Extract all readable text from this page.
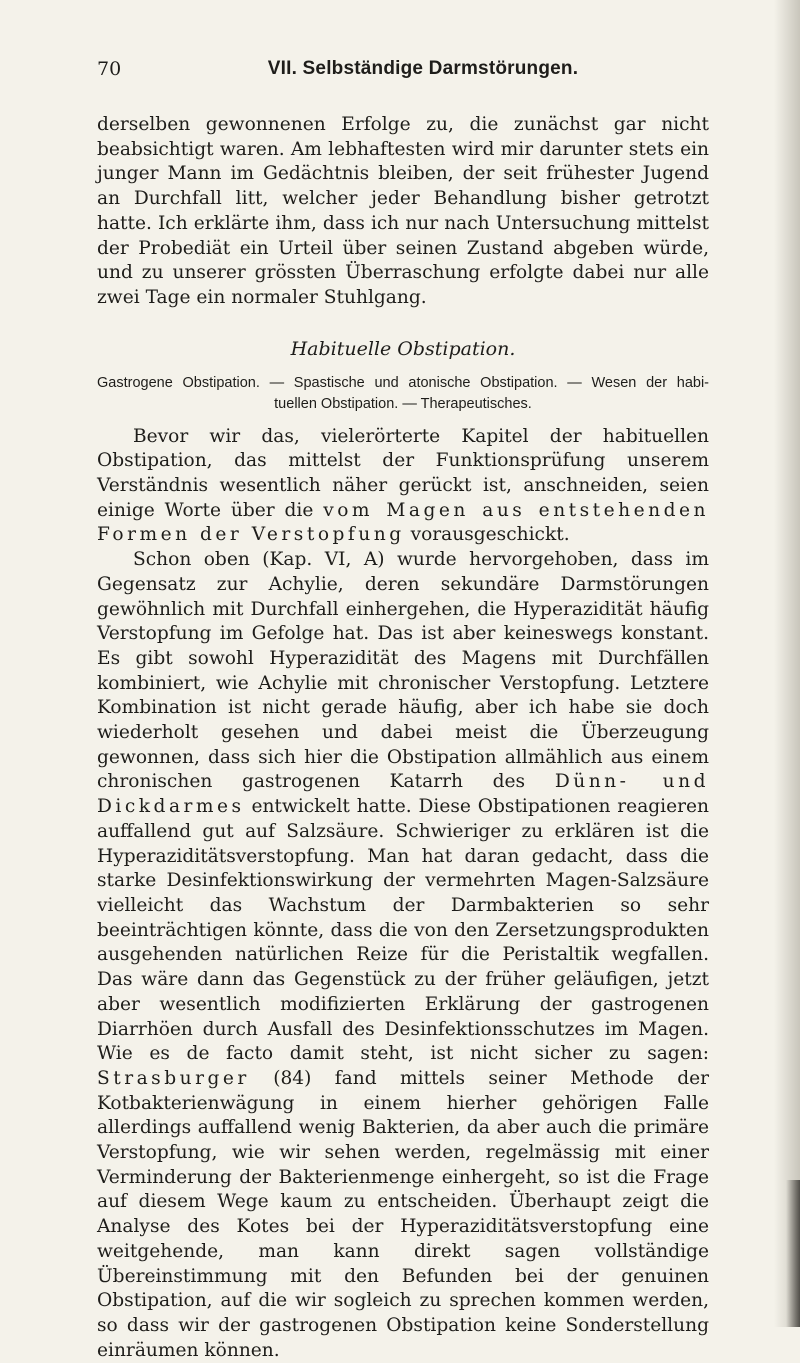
70	VII. Selbständige Darmstörungen.

derselben gewonnenen Erfolge zu, die zunächst gar nicht beabsichtigt waren. Am lebhaftesten wird mir darunter stets ein junger Mann im Gedächtnis bleiben, der seit frühester Jugend an Durchfall litt, welcher jeder Behandlung bisher getrotzt hatte. Ich erklärte ihm, dass ich nur nach Untersuchung mittelst der Probediät ein Urteil über seinen Zustand abgeben würde, und zu unserer grössten Überraschung erfolgte dabei nur alle zwei Tage ein normaler Stuhlgang.

Habituelle Obstipation.
Gastrogene Obstipation. — Spastische und atonische Obstipation. — Wesen der habi-
tuellen Obstipation. — Therapeutisches.

Bevor wir das, vielerörterte Kapitel der habituellen Obstipation, das mittelst der Funktionsprüfung unserem Verständnis wesentlich näher gerückt ist, anschneiden, seien einige Worte über die vom Magen aus entstehenden Formen der Verstopfung vorausgeschickt.

Schon oben (Kap. VI, A) wurde hervorgehoben, dass im Gegensatz zur Achylie, deren sekundäre Darmstörungen gewöhnlich mit Durchfall einhergehen, die Hyperazidität häufig Verstopfung im Gefolge hat. Das ist aber keineswegs konstant. Es gibt sowohl Hyperazidität des Magens mit Durchfällen kombiniert, wie Achylie mit chronischer Verstopfung. Letztere Kombination ist nicht gerade häufig, aber ich habe sie doch wiederholt gesehen und dabei meist die Überzeugung gewonnen, dass sich hier die Obstipation allmählich aus einem chronischen gastrogenen Katarrh des Dünn- und Dickdarmes entwickelt hatte. Diese Obstipationen reagieren auffallend gut auf Salzsäure. Schwieriger zu erklären ist die Hyperaziditätsverstopfung. Man hat daran gedacht, dass die starke Desinfektionswirkung der vermehrten Magen-Salzsäure vielleicht das Wachstum der Darmbakterien so sehr beeinträchtigen könnte, dass die von den Zersetzungsprodukten ausgehenden natürlichen Reize für die Peristaltik wegfallen. Das wäre dann das Gegenstück zu der früher geläufigen, jetzt aber wesentlich modifizierten Erklärung der gastrogenen Diarrhöen durch Ausfall des Desinfektionsschutzes im Magen. Wie es de facto damit steht, ist nicht sicher zu sagen: Strasburger (84) fand mittels seiner Methode der Kotbakterienwägung in einem hierher gehörigen Falle allerdings auffallend wenig Bakterien, da aber auch die primäre Verstopfung, wie wir sehen werden, regelmässig mit einer Verminderung der Bakterienmenge einhergeht, so ist die Frage auf diesem Wege kaum zu entscheiden. Überhaupt zeigt die Analyse des Kotes bei der Hyperaziditätsverstopfung eine weitgehende, man kann direkt sagen vollständige Übereinstimmung mit den Befunden bei der genuinen Obstipation, auf die wir sogleich zu sprechen kommen werden, so dass wir der gastrogenen Obstipation keine Sonderstellung einräumen können.
